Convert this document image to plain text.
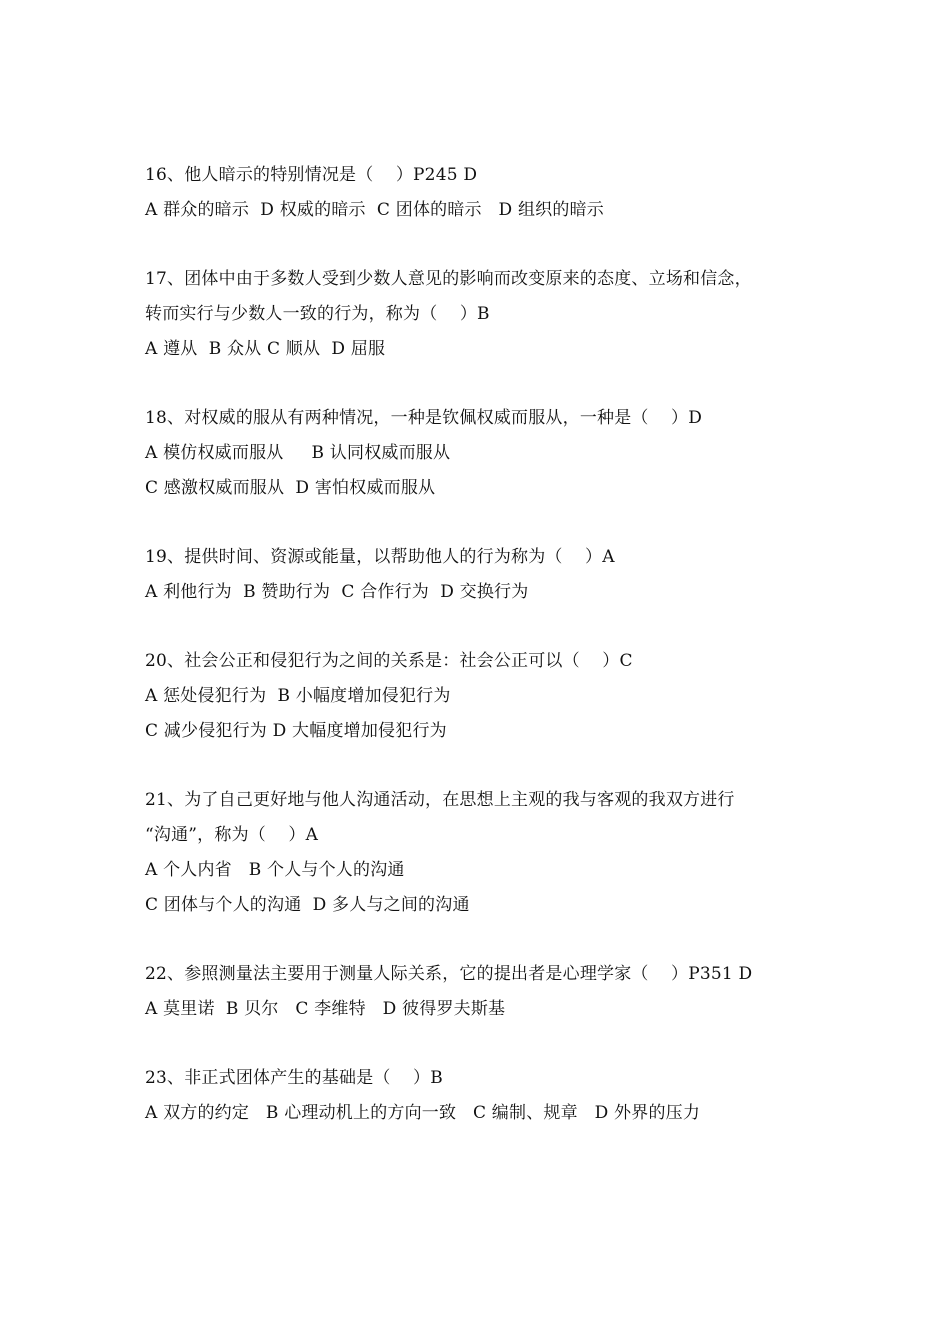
16、他人暗示的特别情况是（    ）P245 D

A 群众的暗示  D 权威的暗示  C 团体的暗示   D 组织的暗示

17、团体中由于多数人受到少数人意见的影响而改变原来的态度、立场和信念，

转而实行与少数人一致的行为，称为（    ）B

A 遵从  B 众从 C 顺从  D 屈服

18、对权威的服从有两种情况，一种是钦佩权威而服从，一种是（    ）D

A 模仿权威而服从     B 认同权威而服从

C 感激权威而服从  D 害怕权威而服从

19、提供时间、资源或能量，以帮助他人的行为称为（    ）A

A 利他行为  B 赞助行为  C 合作行为  D 交换行为

20、社会公正和侵犯行为之间的关系是：社会公正可以（    ）C

A 惩处侵犯行为  B 小幅度增加侵犯行为

C 减少侵犯行为 D 大幅度增加侵犯行为

21、为了自己更好地与他人沟通活动，在思想上主观的我与客观的我双方进行

“沟通”，称为（    ）A

A 个人内省   B 个人与个人的沟通

C 团体与个人的沟通  D 多人与之间的沟通

22、参照测量法主要用于测量人际关系，它的提出者是心理学家（    ）P351 D

A 莫里诺  B 贝尔   C 李维特   D 彼得罗夫斯基

23、非正式团体产生的基础是（    ）B

A 双方的约定   B 心理动机上的方向一致   C 编制、规章   D 外界的压力
